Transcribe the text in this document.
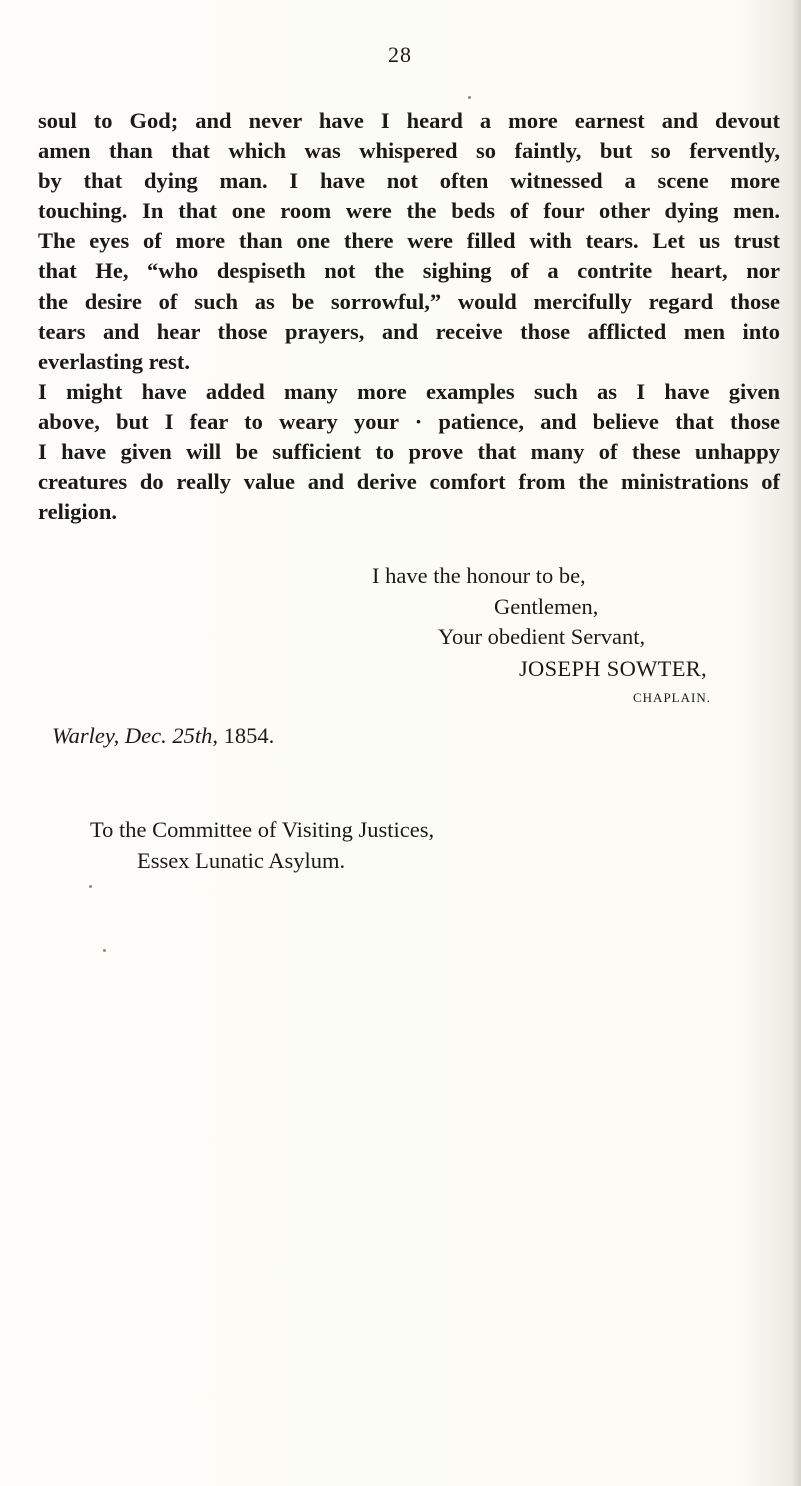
28
soul to God; and never have I heard a more earnest and devout
amen than that which was whispered so faintly, but so fervently,
by that dying man. I have not often witnessed a scene more
touching. In that one room were the beds of four other dying men.
The eyes of more than one there were filled with tears. Let us trust
that He, “who despiseth not the sighing of a contrite heart, nor
the desire of such as be sorrowful,” would mercifully regard those
tears and hear those prayers, and receive those afflicted men into
everlasting rest.
I might have added many more examples such as I have given
above, but I fear to weary your · patience, and believe that those
I have given will be sufficient to prove that many of these unhappy
creatures do really value and derive comfort from the ministrations of
religion.
I have the honour to be,
Gentlemen,
Your obedient Servant,
JOSEPH SOWTER,
CHAPLAIN.
Warley, Dec. 25th, 1854.
To the Committee of Visiting Justices,
Essex Lunatic Asylum.
